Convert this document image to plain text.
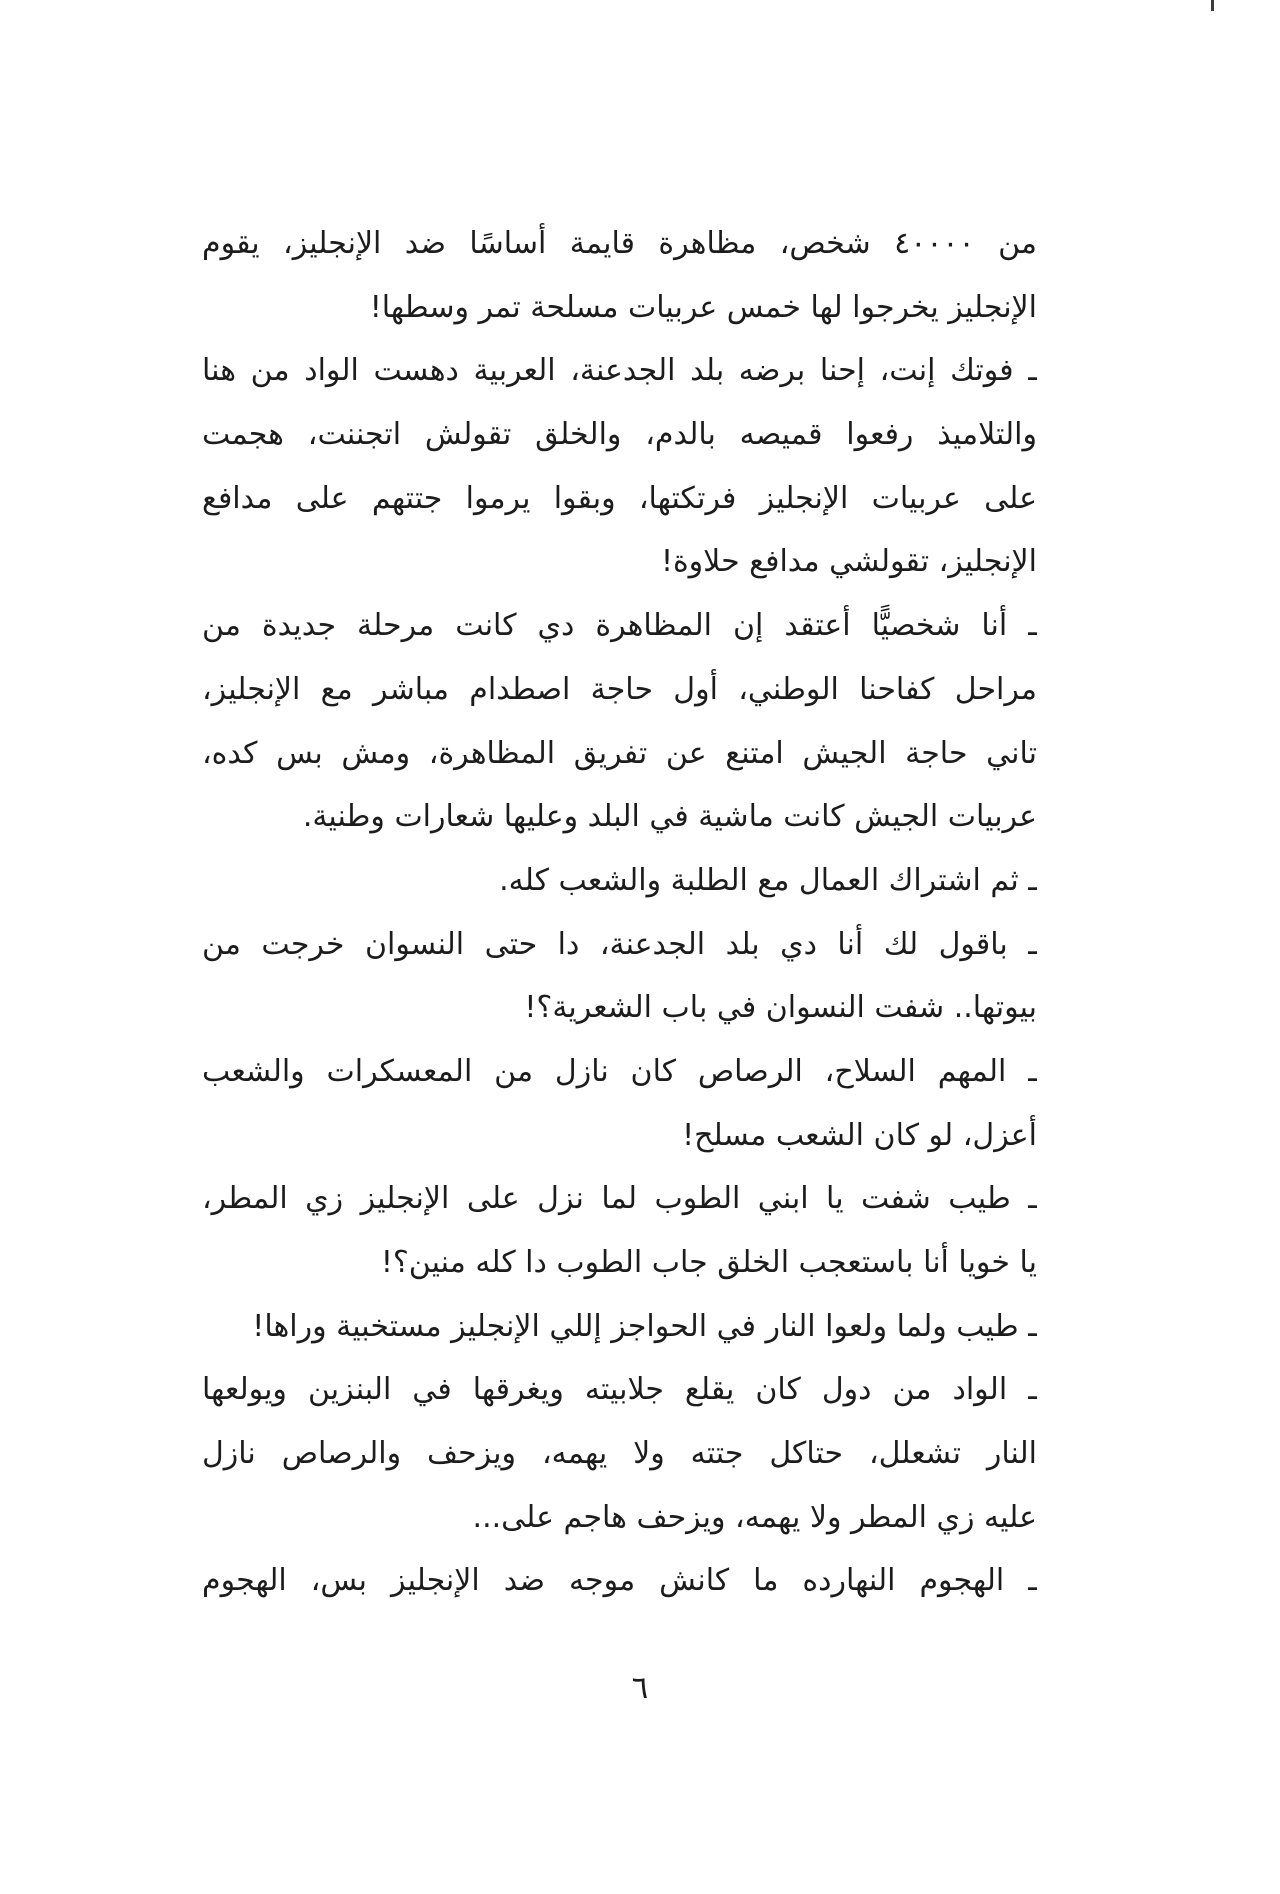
من ٤٠٠٠٠ شخص، مظاهرة قايمة أساسًا ضد الإنجليز، يقوم
الإنجليز يخرجوا لها خمس عربيات مسلحة تمر وسطها!
ـ فوتك إنت، إحنا برضه بلد الجدعنة، العربية دهست الواد من هنا
والتلاميذ رفعوا قميصه بالدم، والخلق تقولش اتجننت، هجمت
على عربيات الإنجليز فرتكتها، وبقوا يرموا جتتهم على مدافع
الإنجليز، تقولشي مدافع حلاوة!
ـ أنا شخصيًّا أعتقد إن المظاهرة دي كانت مرحلة جديدة من
مراحل كفاحنا الوطني، أول حاجة اصطدام مباشر مع الإنجليز،
تاني حاجة الجيش امتنع عن تفريق المظاهرة، ومش بس كده،
عربيات الجيش كانت ماشية في البلد وعليها شعارات وطنية.
ـ ثم اشتراك العمال مع الطلبة والشعب كله.
ـ باقول لك أنا دي بلد الجدعنة، دا حتى النسوان خرجت من
بيوتها.. شفت النسوان في باب الشعرية؟!
ـ المهم السلاح، الرصاص كان نازل من المعسكرات والشعب
أعزل، لو كان الشعب مسلح!
ـ طيب شفت يا ابني الطوب لما نزل على الإنجليز زي المطر،
يا خويا أنا باستعجب الخلق جاب الطوب دا كله منين؟!
ـ طيب ولما ولعوا النار في الحواجز إللي الإنجليز مستخبية وراها!
ـ الواد من دول كان يقلع جلابيته ويغرقها في البنزين ويولعها
النار تشعلل، حتاكل جتته ولا يهمه، ويزحف والرصاص نازل
عليه زي المطر ولا يهمه، ويزحف هاجم على...
ـ الهجوم النهارده ما كانش موجه ضد الإنجليز بس، الهجوم
٦
